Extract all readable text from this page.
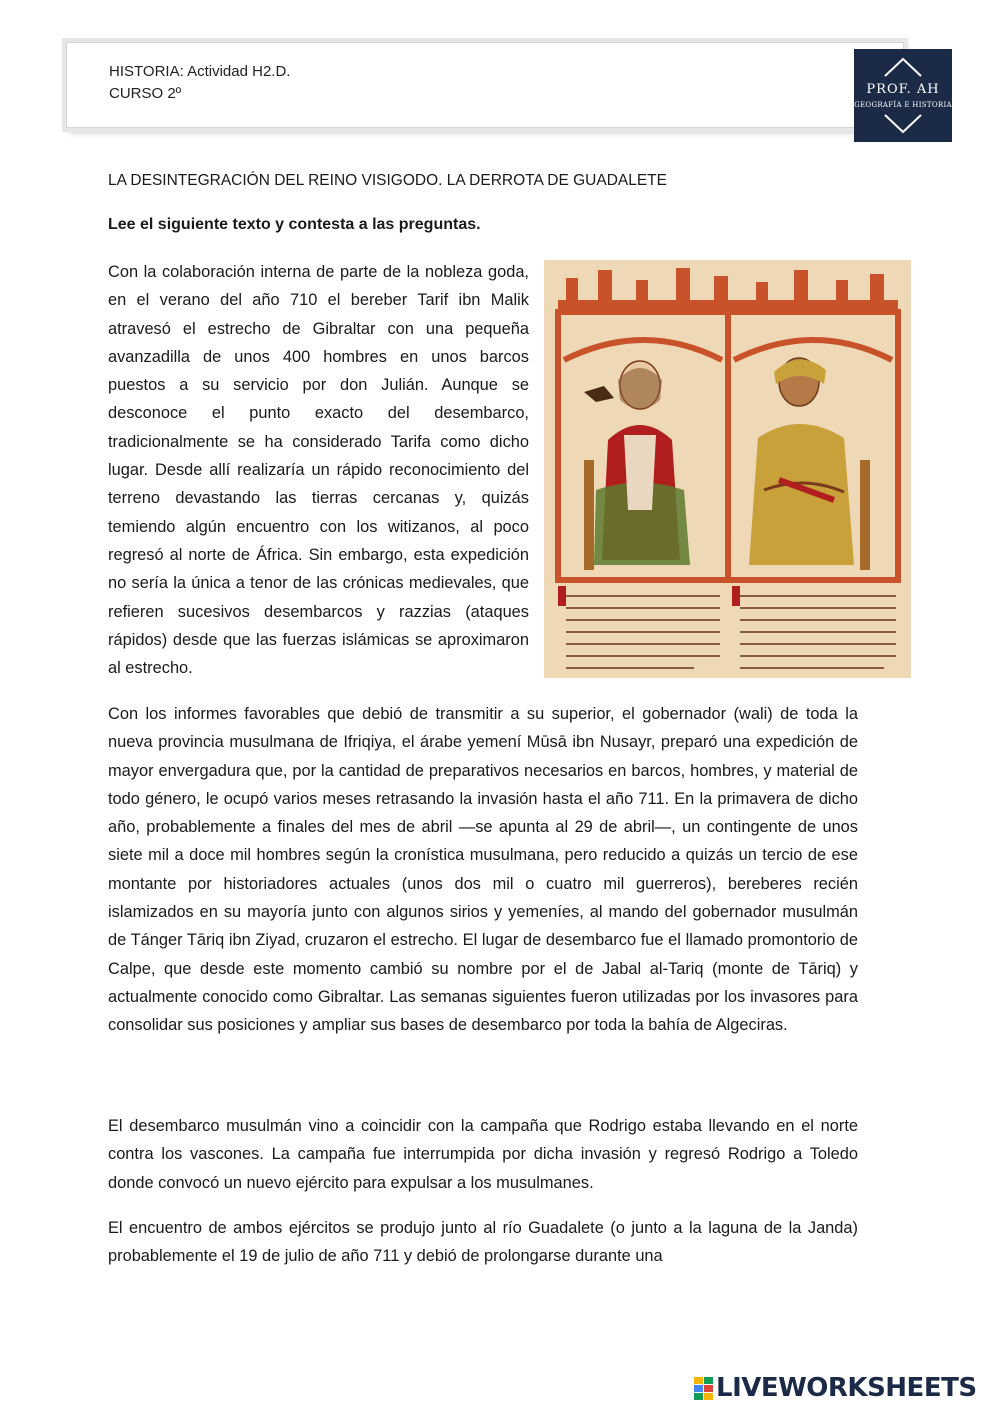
HISTORIA: Actividad H2.D.
CURSO 2º	PROF. AH
GEOGRAFÍA E HISTORIA
LA DESINTEGRACIÓN DEL REINO VISIGODO. LA DERROTA DE GUADALETE
Lee el siguiente texto y contesta a las preguntas.

Con la colaboración interna de parte de la nobleza goda, en el verano del año 710 el bereber Tarif ibn Malik atravesó el estrecho de Gibraltar con una pequeña avanzadilla de unos 400 hombres en unos barcos puestos a su servicio por don Julián. Aunque se desconoce el punto exacto del desembarco, tradicionalmente se ha considerado Tarifa como dicho lugar. Desde allí realizaría un rápido reconocimiento del terreno devastando las tierras cercanas y, quizás temiendo algún encuentro con los witizanos, al poco regresó al norte de África. Sin embargo, esta expedición no sería la única a tenor de las crónicas medievales, que refieren sucesivos desembarcos y razzias (ataques rápidos) desde que las fuerzas islámicas se aproximaron al estrecho.

Con los informes favorables que debió de transmitir a su superior, el gobernador (wali) de toda la nueva provincia musulmana de Ifriqiya, el árabe yemení Mūsā ibn Nusayr, preparó una expedición de mayor envergadura que, por la cantidad de preparativos necesarios en barcos, hombres, y material de todo género, le ocupó varios meses retrasando la invasión hasta el año 711. En la primavera de dicho año, probablemente a finales del mes de abril —se apunta al 29 de abril—, un contingente de unos siete mil a doce mil hombres según la cronística musulmana, pero reducido a quizás un tercio de ese montante por historiadores actuales (unos dos mil o cuatro mil guerreros), bereberes recién islamizados en su mayoría junto con algunos sirios y yemeníes, al mando del gobernador musulmán de Tánger Tāriq ibn Ziyad, cruzaron el estrecho. El lugar de desembarco fue el llamado promontorio de Calpe, que desde este momento cambió su nombre por el de Jabal al-Tariq (monte de Tāriq) y actualmente conocido como Gibraltar. Las semanas siguientes fueron utilizadas por los invasores para consolidar sus posiciones y ampliar sus bases de desembarco por toda la bahía de Algeciras.

El desembarco musulmán vino a coincidir con la campaña que Rodrigo estaba llevando en el norte contra los vascones. La campaña fue interrumpida por dicha invasión y regresó Rodrigo a Toledo donde convocó un nuevo ejército para expulsar a los musulmanes.

El encuentro de ambos ejércitos se produjo junto al río Guadalete (o junto a la laguna de la Janda) probablemente el 19 de julio de año 711 y debió de prolongarse durante una

LIVEWORKSHEETS
